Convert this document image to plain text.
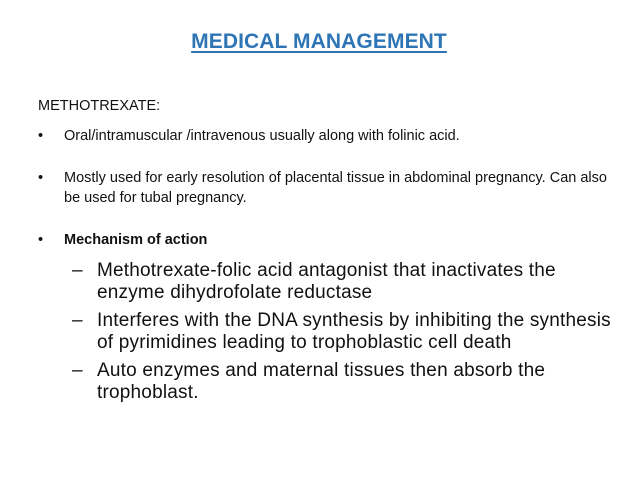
MEDICAL MANAGEMENT

METHOTREXATE:

• Oral/intramuscular /intravenous usually along with folinic acid.
• Mostly used for early resolution of placental tissue in abdominal pregnancy. Can also be used for tubal pregnancy.
• Mechanism of action
– Methotrexate-folic acid antagonist that inactivates the enzyme dihydrofolate reductase
– Interferes with the DNA synthesis by inhibiting the synthesis of pyrimidines leading to trophoblastic cell death
– Auto enzymes and maternal tissues then absorb the trophoblast.
